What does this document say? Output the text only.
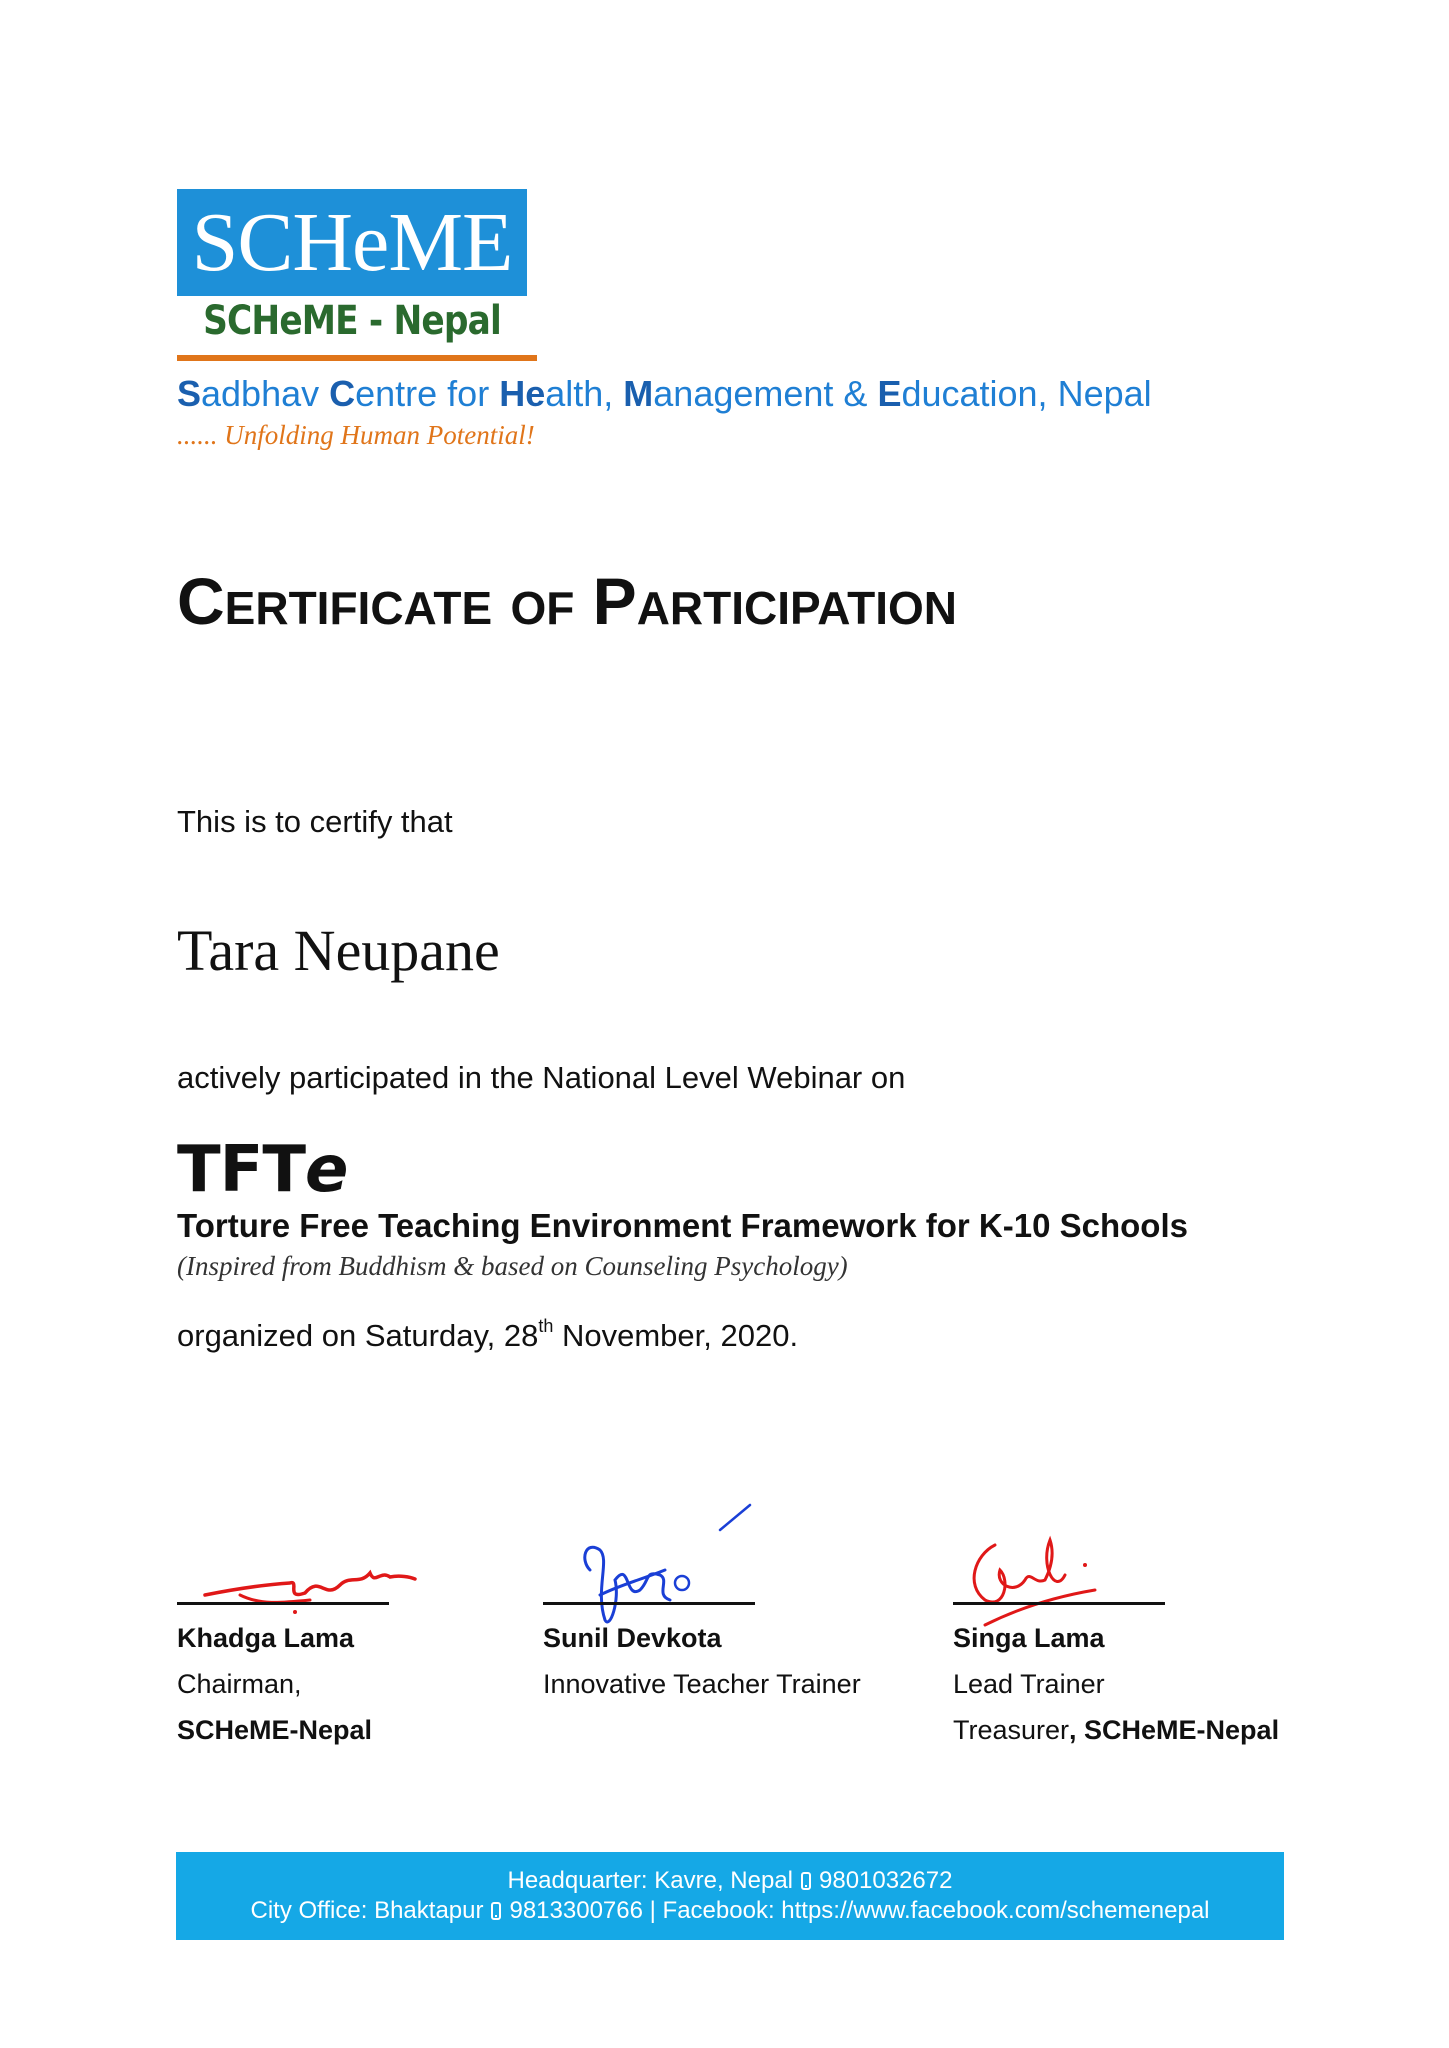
SCHeME
SCHeME - Nepal
Sadbhav Centre for Health, Management & Education, Nepal
...... Unfolding Human Potential!
Certificate of Participation
This is to certify that
Tara Neupane
actively participated in the National Level Webinar on
TFTe
Torture Free Teaching Environment Framework for K-10 Schools
(Inspired from Buddhism & based on Counseling Psychology)
organized on Saturday, 28th November, 2020.
Khadga Lama
Chairman,
SCHeME-Nepal
Sunil Devkota
Innovative Teacher Trainer
Singa Lama
Lead Trainer
Treasurer, SCHeME-Nepal
Headquarter: Kavre, Nepal 9801032672
City Office: Bhaktapur 9813300766 | Facebook: https://www.facebook.com/schemenepal
